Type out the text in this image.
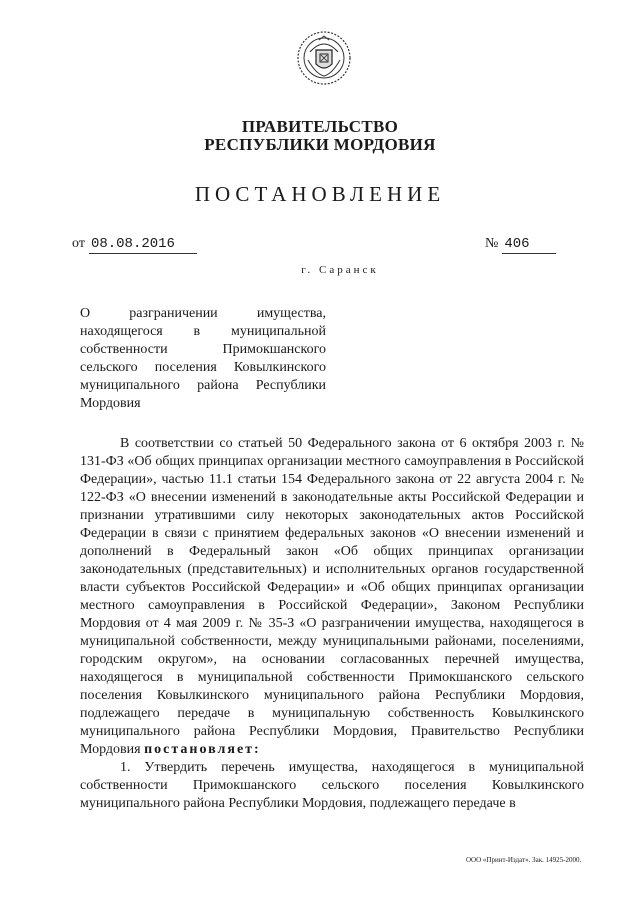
ПРАВИТЕЛЬСТВО
РЕСПУБЛИКИ МОРДОВИЯ
ПОСТАНОВЛЕНИЕ
от 08.08.2016	№ 406
г. Саранск
О разграничении имущества, находящегося в муниципальной собственности Примокшанского сельского поселения Ковылкинского муниципального района Республики Мордовия

В соответствии со статьей 50 Федерального закона от 6 октября 2003 г. № 131-ФЗ «Об общих принципах организации местного самоуправления в Российской Федерации», частью 11.1 статьи 154 Федерального закона от 22 августа 2004 г. № 122-ФЗ «О внесении изменений в законодательные акты Российской Федерации и признании утратившими силу некоторых законодательных актов Российской Федерации в связи с принятием федеральных законов «О внесении изменений и дополнений в Федеральный закон «Об общих принципах организации законодательных (представительных) и исполнительных органов государственной власти субъектов Российской Федерации» и «Об общих принципах организации местного самоуправления в Российской Федерации», Законом Республики Мордовия от 4 мая 2009 г. № 35-З «О разграничении имущества, находящегося в муниципальной собственности, между муниципальными районами, поселениями, городским округом», на основании согласованных перечней имущества, находящегося в муниципальной собственности Примокшанского сельского поселения Ковылкинского муниципального района Республики Мордовия, подлежащего передаче в муниципальную собственность Ковылкинского муниципального района Республики Мордовия, Правительство Республики Мордовия постановляет:

1. Утвердить перечень имущества, находящегося в муниципальной собственности Примокшанского сельского поселения Ковылкинского муниципального района Республики Мордовия, подлежащего передаче в

ООО «Принт-Издат». Зак. 14925-2000.
